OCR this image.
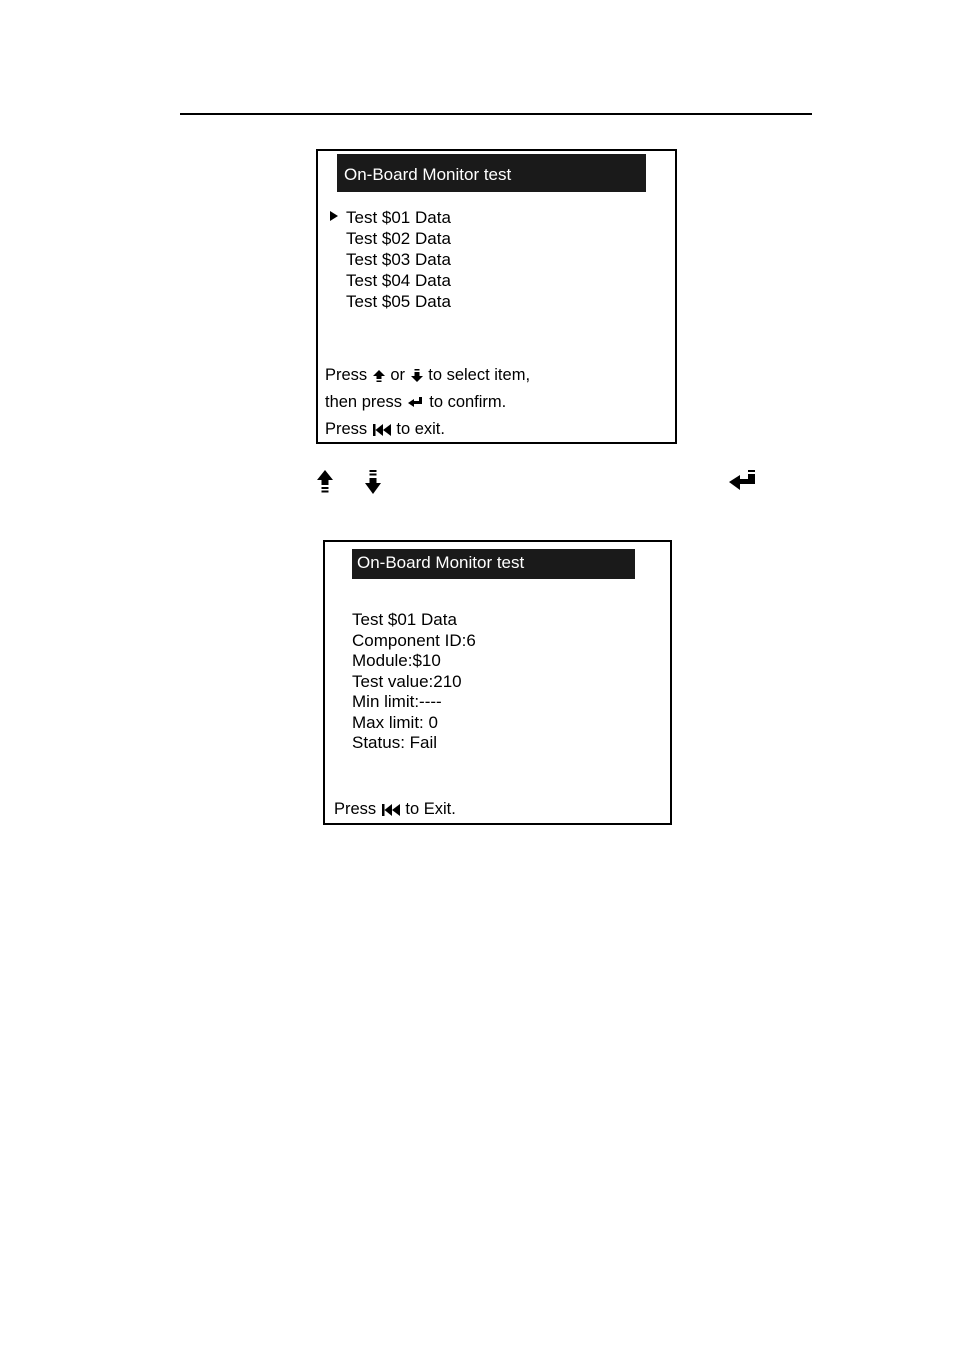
On-Board Monitor test
Test $01 Data
Test $02 Data
Test $03 Data
Test $04 Data
Test $05 Data
Press or to select item,
then press to confirm.
Press to exit.
On-Board Monitor test
Test $01 Data
Component ID:6
Module:$10
Test value:210
Min limit:----
Max limit: 0
Status: Fail
Press to Exit.
